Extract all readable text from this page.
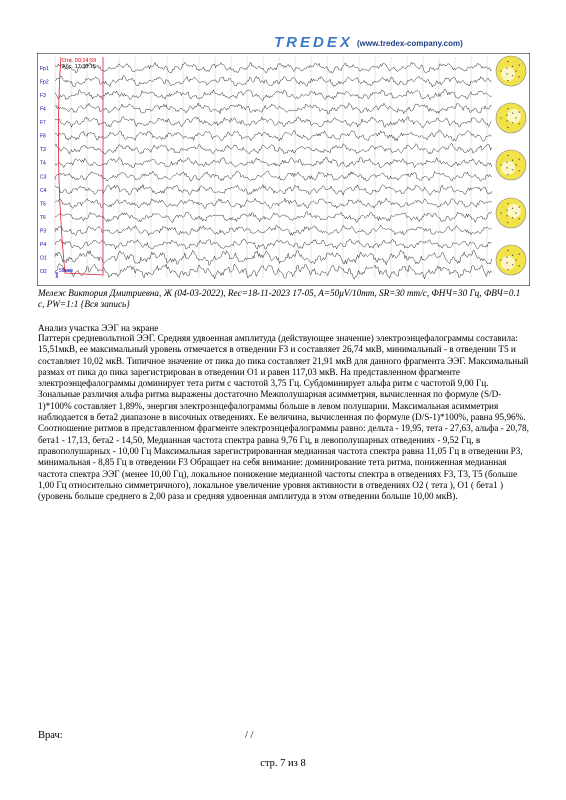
TREDEX (www.tredex-company.com)
Fp1
Fp2
F3
F4
F7
F8
T3
T4
C3
C4
T5
T6
P3
P4
O1
O2
Отв. 00:24:59
Абс. 17:30:15
50мкв
Мележ Виктория Дмитриевна, Ж (04-03-2022), Rec=18-11-2023 17-05, A=50μV/10mm, SR=30 mm/c, ФНЧ=30 Гц, ФВЧ=0.1 c, PW=1:1 {Вся запись}
Анализ участка ЭЭГ на экране
Паттерн средневольтной ЭЭГ. Средняя удвоенная амплитуда (действующее значение) электроэнцефалограммы составила: 15,51мкВ, ее максимальный уровень отмечается в отведении F3 и составляет 26,74 мкВ, минимальный - в отведении T5 и составляет 10,02 мкВ. Типичное значение от пика до пика составляет 21,91 мкВ для данного фрагмента ЭЭГ. Максимальный размах от пика до пика зарегистрирован в отведении O1 и равен 117,03 мкВ. На представленном фрагменте электроэнцефалограммы доминирует тета ритм с частотой 3,75 Гц. Субдоминирует альфа ритм с частотой 9,00 Гц. Зональные различия альфа ритма выражены достаточно Межполушарная асимметрия, вычисленная по формуле (S/D-1)*100% составляет 1,89%, энергия электроэнцефалограммы больше в левом полушарии. Максимальная асимметрия наблюдается в бета2 диапазоне в височных отведениях. Ее величина, вычисленная по формуле (D/S-1)*100%, равна 95,96%. Соотношение ритмов в представленном фрагменте электроэнцефалограммы равно: дельта - 19,95, тета - 27,63, альфа - 20,78, бета1 - 17,13, бета2 - 14,50, Медианная частота спектра равна 9,76 Гц, в левополушарных отведениях - 9,52 Гц, в правополушарных - 10,00 Гц Максимальная зарегистрированная медианная частота спектра равна 11,05 Гц в отведении P3, минимальная - 8,85 Гц в отведении F3 Обращает на себя внимание: доминирование тета ритма, пониженная медианная частота спектра ЭЭГ (менее 10,00 Гц), локальное понижение медианной частоты спектра в отведениях F3, T3, T5 (больше 1,00 Гц относительно симметричного), локальное увеличение уровня активности в отведениях O2 ( тета ), O1 ( бета1 ) (уровень больше среднего в 2,00 раза и средняя удвоенная амплитуда в этом отведении больше 10,00 мкВ).
Врач:	/ /
стр. 7 из 8
